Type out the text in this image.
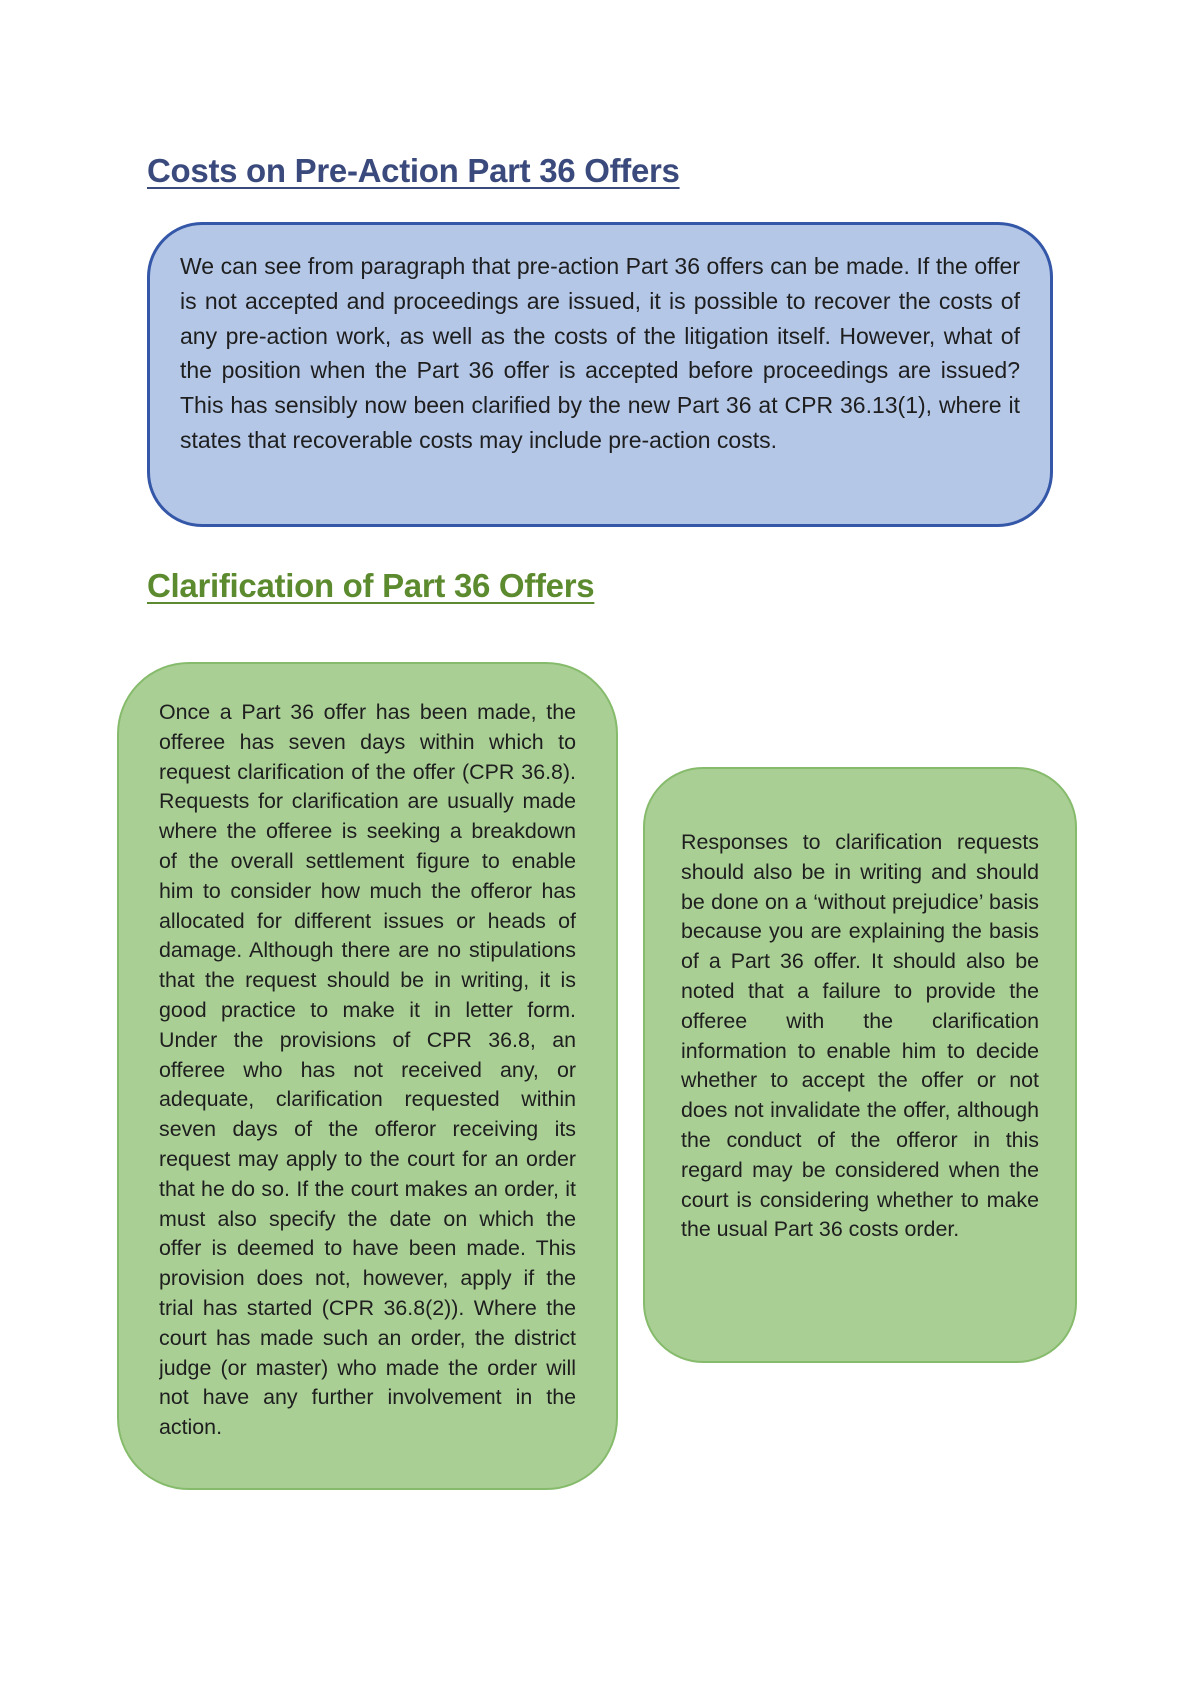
Costs on Pre-Action Part 36 Offers

We can see from paragraph that pre-action Part 36 offers can be made. If the offer is not accepted and proceedings are issued, it is possible to recover the costs of any pre-action work, as well as the costs of the litigation itself. However, what of the position when the Part 36 offer is accepted before proceedings are issued? This has sensibly now been clarified by the new Part 36 at CPR 36.13(1), where it states that recoverable costs may include pre-action costs.

Clarification of Part 36 Offers

Once a Part 36 offer has been made, the offeree has seven days within which to request clarification of the offer (CPR 36.8). Requests for clarification are usually made where the offeree is seeking a breakdown of the overall settlement figure to enable him to consider how much the offeror has allocated for different issues or heads of damage. Although there are no stipulations that the request should be in writing, it is good practice to make it in letter form. Under the provisions of CPR 36.8, an offeree who has not received any, or adequate, clarification requested within seven days of the offeror receiving its request may apply to the court for an order that he do so. If the court makes an order, it must also specify the date on which the offer is deemed to have been made. This provision does not, however, apply if the trial has started (CPR 36.8(2)). Where the court has made such an order, the district judge (or master) who made the order will not have any further involvement in the action.

Responses to clarification requests should also be in writing and should be done on a ‘without prejudice’ basis because you are explaining the basis of a Part 36 offer. It should also be noted that a failure to provide the offeree with the clarification information to enable him to decide whether to accept the offer or not does not invalidate the offer, although the conduct of the offeror in this regard may be considered when the court is considering whether to make the usual Part 36 costs order.
